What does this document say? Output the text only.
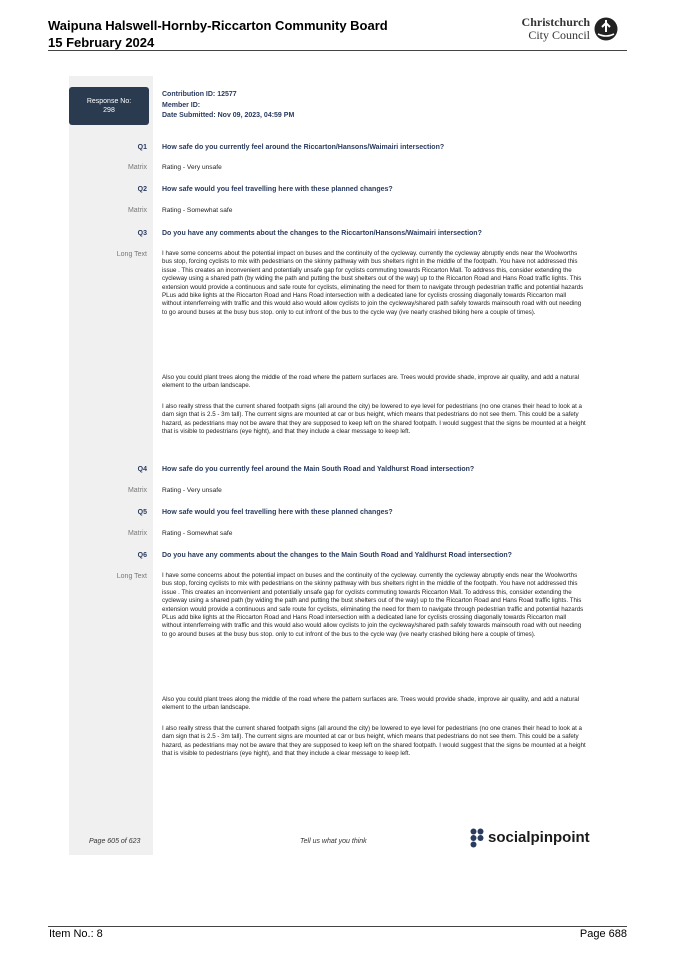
Waipuna Halswell-Hornby-Riccarton Community Board
15 February 2024
Christchurch
City Council
Response No:
298
Contribution ID: 12577
Member ID:
Date Submitted: Nov 09, 2023, 04:59 PM
Q1 How safe do you currently feel around the Riccarton/Hansons/Waimairi intersection?
Matrix Rating - Very unsafe
Q2 How safe would you feel travelling here with these planned changes?
Matrix Rating - Somewhat safe
Q3 Do you have any comments about the changes to the Riccarton/Hansons/Waimairi intersection?
Long Text I have some concerns about the potential impact on buses and the continuity of the cycleway. currently the cycleway abruptly ends near the Woolworths bus stop, forcing cyclists to mix with pedestrians on the skinny pathway with bus shelters right in the middle of the footpath. You have not addressed this issue . This creates an inconvenient and potentially unsafe gap for cyclists commuting towards Riccarton Mall. To address this, consider extending the cycleway using a shared path (by widing the path and putting the bust shelters out of the way) up to the Riccarton Road and Hans Road traffic lights. This extension would provide a continuous and safe route for cyclists, eliminating the need for them to navigate through pedestrian traffic and potential hazards PLus add bike lights at the Riccarton Road and Hans Road intersection with a dedicated lane for cyclists crossing diagonally towards Riccarton mall without intenrferreing with traffic and this would also would allow cyclists to join the cycleway/shared path safely towards mainsouth road with out needing to go around buses at the busy bus stop. only to cut infront of the bus to the cycle way (ive nearly crashed biking here a couple of times).
Also you could plant trees along the middle of the road where the pattern surfaces are. Trees would provide shade, improve air quality, and add a natural element to the urban landscape.
I also really stress that the current shared footpath signs (all around the city) be lowered to eye level for pedestrians (no one cranes their head to look at a dam sign that is 2.5 - 3m tall). The current signs are mounted at car or bus height, which means that pedestrians do not see them. This could be a safety hazard, as pedestrians may not be aware that they are supposed to keep left on the shared footpath. I would suggest that the signs be mounted at a height that is visible to pedestrians (eye hight), and that they include a clear message to keep left.
Q4 How safe do you currently feel around the Main South Road and Yaldhurst Road intersection?
Matrix Rating - Very unsafe
Q5 How safe would you feel travelling here with these planned changes?
Matrix Rating - Somewhat safe
Q6 Do you have any comments about the changes to the Main South Road and Yaldhurst Road intersection?
Long Text I have some concerns about the potential impact on buses and the continuity of the cycleway. currently the cycleway abruptly ends near the Woolworths bus stop, forcing cyclists to mix with pedestrians on the skinny pathway with bus shelters right in the middle of the footpath. You have not addressed this issue . This creates an inconvenient and potentially unsafe gap for cyclists commuting towards Riccarton Mall. To address this, consider extending the cycleway using a shared path (by widing the path and putting the bust shelters out of the way) up to the Riccarton Road and Hans Road traffic lights. This extension would provide a continuous and safe route for cyclists, eliminating the need for them to navigate through pedestrian traffic and potential hazards PLus add bike lights at the Riccarton Road and Hans Road intersection with a dedicated lane for cyclists crossing diagonally towards Riccarton mall without intenrferreing with traffic and this would also would allow cyclists to join the cycleway/shared path safely towards mainsouth road with out needing to go around buses at the busy bus stop. only to cut infront of the bus to the cycle way (ive nearly crashed biking here a couple of times).
Also you could plant trees along the middle of the road where the pattern surfaces are. Trees would provide shade, improve air quality, and add a natural element to the urban landscape.
I also really stress that the current shared footpath signs (all around the city) be lowered to eye level for pedestrians (no one cranes their head to look at a dam sign that is 2.5 - 3m tall). The current signs are mounted at car or bus height, which means that pedestrians do not see them. This could be a safety hazard, as pedestrians may not be aware that they are supposed to keep left on the shared footpath. I would suggest that the signs be mounted at a height that is visible to pedestrians (eye hight), and that they include a clear message to keep left.
Page 605 of 623	Tell us what you think	socialpinpoint
Item No.: 8	Page 688
